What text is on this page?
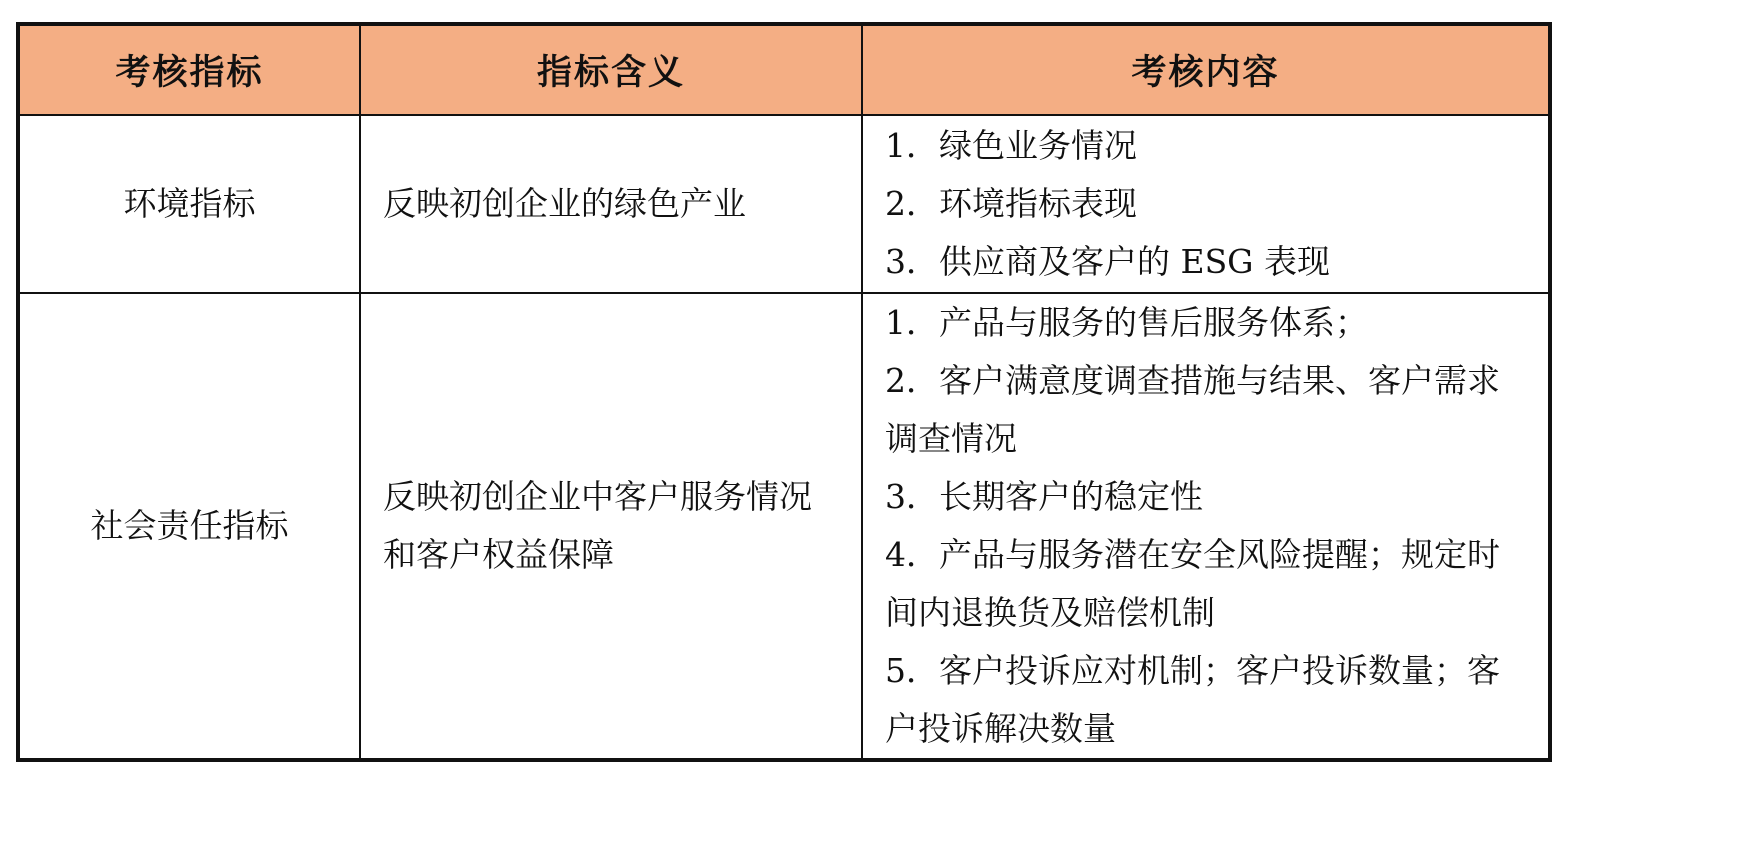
考核指标	指标含义	考核内容
环境指标	反映初创企业的绿色产业	1．绿色业务情况
2．环境指标表现
3．供应商及客户的 ESG 表现

社会责任指标	反映初创企业中客户服务情况和客户权益保障	1．产品与服务的售后服务体系；
2．客户满意度调查措施与结果、客户需求调查情况
3．长期客户的稳定性
4．产品与服务潜在安全风险提醒；规定时间内退换货及赔偿机制
5．客户投诉应对机制；客户投诉数量；客户投诉解决数量
